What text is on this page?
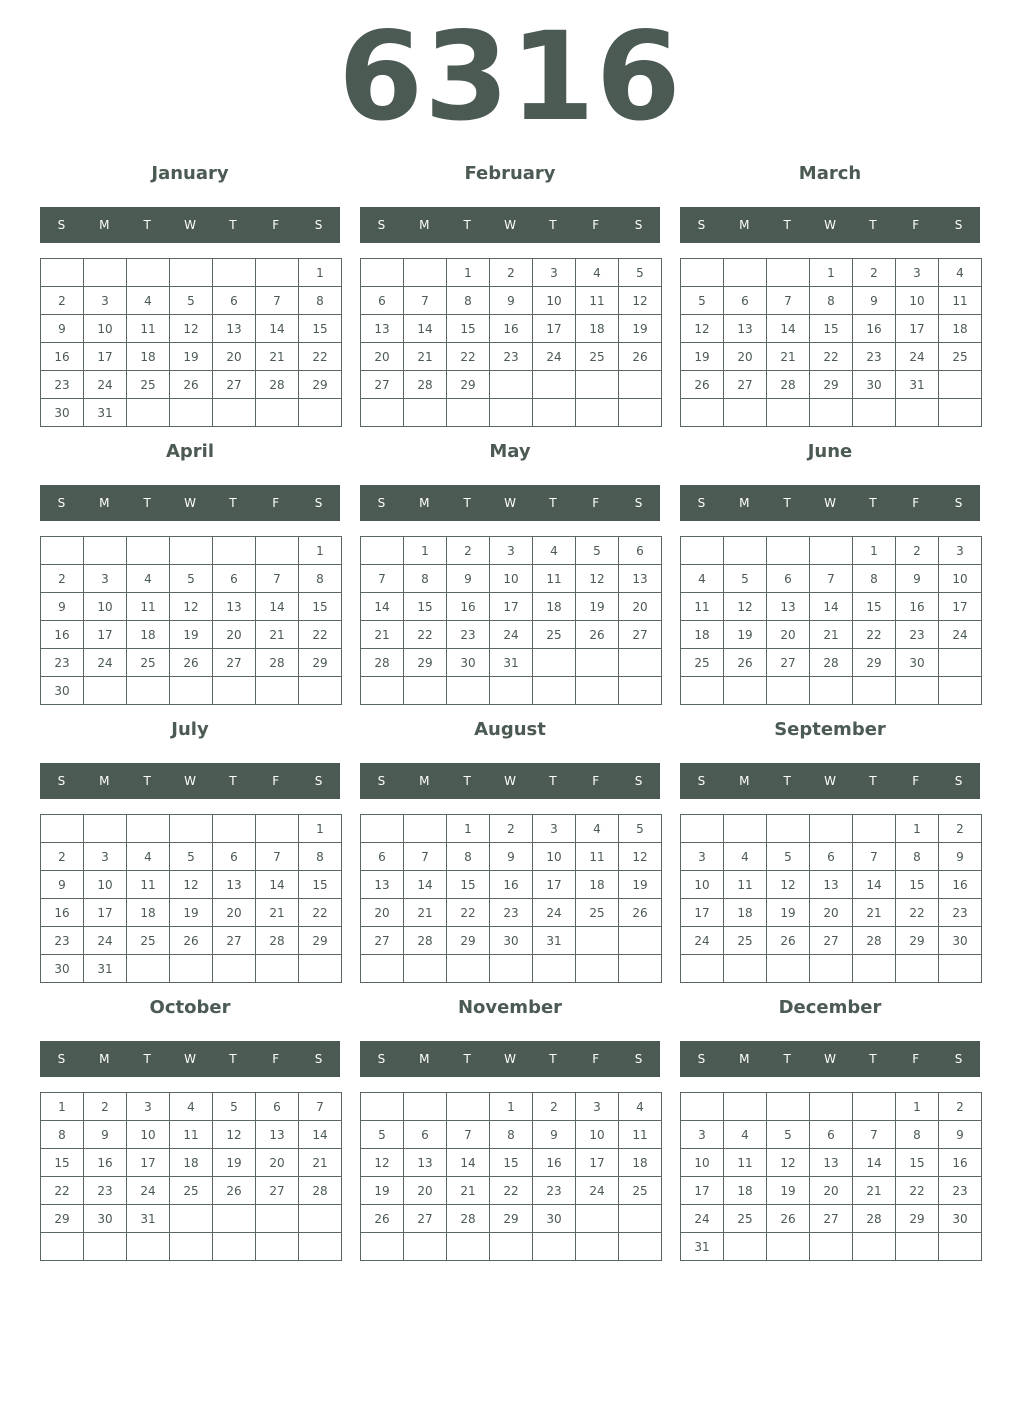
6316
January
S	M	T	W	T	F	S
						1
2	3	4	5	6	7	8
9	10	11	12	13	14	15
16	17	18	19	20	21	22
23	24	25	26	27	28	29
30	31					
February
S	M	T	W	T	F	S
		1	2	3	4	5
6	7	8	9	10	11	12
13	14	15	16	17	18	19
20	21	22	23	24	25	26
27	28	29				

March
S	M	T	W	T	F	S
			1	2	3	4
5	6	7	8	9	10	11
12	13	14	15	16	17	18
19	20	21	22	23	24	25
26	27	28	29	30	31	

April
S	M	T	W	T	F	S
						1
2	3	4	5	6	7	8
9	10	11	12	13	14	15
16	17	18	19	20	21	22
23	24	25	26	27	28	29
30						
May
S	M	T	W	T	F	S
	1	2	3	4	5	6
7	8	9	10	11	12	13
14	15	16	17	18	19	20
21	22	23	24	25	26	27
28	29	30	31			

June
S	M	T	W	T	F	S
				1	2	3
4	5	6	7	8	9	10
11	12	13	14	15	16	17
18	19	20	21	22	23	24
25	26	27	28	29	30	

July
S	M	T	W	T	F	S
						1
2	3	4	5	6	7	8
9	10	11	12	13	14	15
16	17	18	19	20	21	22
23	24	25	26	27	28	29
30	31					
August
S	M	T	W	T	F	S
		1	2	3	4	5
6	7	8	9	10	11	12
13	14	15	16	17	18	19
20	21	22	23	24	25	26
27	28	29	30	31		

September
S	M	T	W	T	F	S
					1	2
3	4	5	6	7	8	9
10	11	12	13	14	15	16
17	18	19	20	21	22	23
24	25	26	27	28	29	30

October
S	M	T	W	T	F	S
1	2	3	4	5	6	7
8	9	10	11	12	13	14
15	16	17	18	19	20	21
22	23	24	25	26	27	28
29	30	31				

November
S	M	T	W	T	F	S
			1	2	3	4
5	6	7	8	9	10	11
12	13	14	15	16	17	18
19	20	21	22	23	24	25
26	27	28	29	30		

December
S	M	T	W	T	F	S
					1	2
3	4	5	6	7	8	9
10	11	12	13	14	15	16
17	18	19	20	21	22	23
24	25	26	27	28	29	30
31						
